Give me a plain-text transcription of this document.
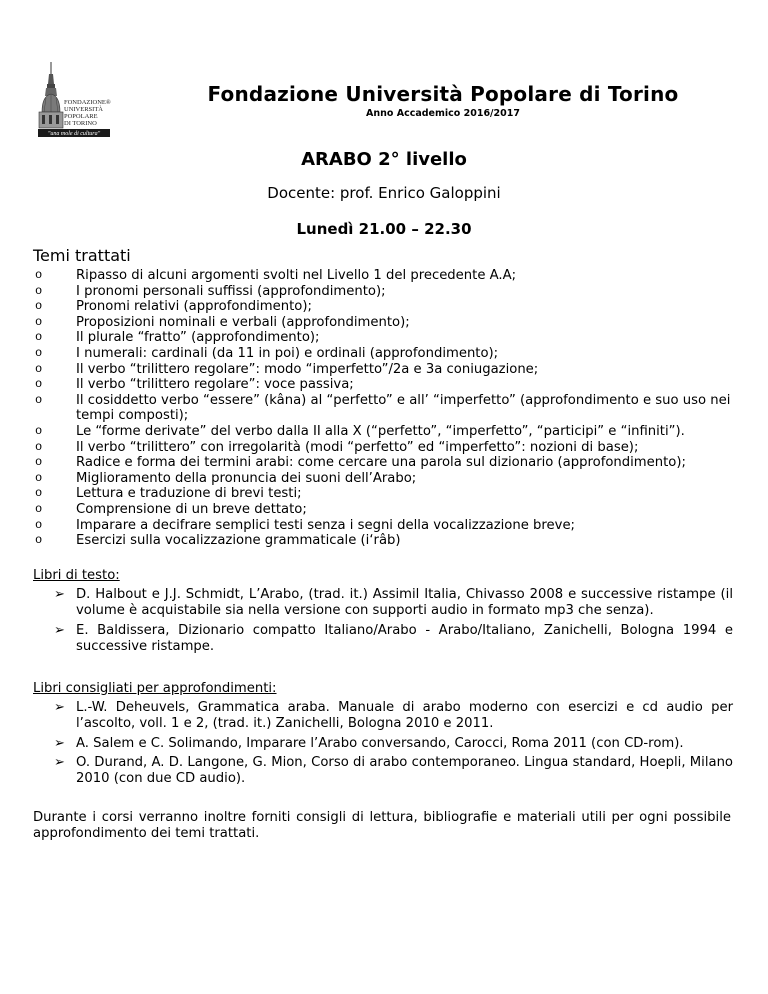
FONDAZIONE®
UNIVERSITÀ
POPOLARE
DI TORINO
"una mole di cultura"
Fondazione Università Popolare di Torino
Anno Accademico 2016/2017
ARABO 2° livello
Docente: prof. Enrico Galoppini
Lunedì 21.00 – 22.30
Temi trattati
o	Ripasso di alcuni argomenti svolti nel Livello 1 del precedente A.A;
o	I pronomi personali suffissi (approfondimento);
o	Pronomi relativi (approfondimento);
o	Proposizioni nominali e verbali (approfondimento);
o	Il plurale “fratto” (approfondimento);
o	I numerali: cardinali (da 11 in poi) e ordinali (approfondimento);
o	Il verbo “trilittero regolare”: modo “imperfetto”/2a e 3a coniugazione;
o	Il verbo “trilittero regolare”: voce passiva;
o	Il cosiddetto verbo “essere” (kâna) al “perfetto” e all’ “imperfetto” (approfondimento e suo uso nei tempi composti);
o	Le “forme derivate” del verbo dalla II alla X (“perfetto”, “imperfetto”, “participi” e “infiniti”).
o	Il verbo “trilittero” con irregolarità (modi “perfetto” ed “imperfetto”: nozioni di base);
o	Radice e forma dei termini arabi: come cercare una parola sul dizionario (approfondimento);
o	Miglioramento della pronuncia dei suoni dell’Arabo;
o	Lettura e traduzione di brevi testi;
o	Comprensione di un breve dettato;
o	Imparare a decifrare semplici testi senza i segni della vocalizzazione breve;
o	Esercizi sulla vocalizzazione grammaticale (i‘râb)
Libri di testo:
➢ D. Halbout e J.J. Schmidt, L’Arabo, (trad. it.) Assimil Italia, Chivasso 2008 e successive ristampe (il volume è acquistabile sia nella versione con supporti audio in formato mp3 che senza).
➢ E. Baldissera, Dizionario compatto Italiano/Arabo - Arabo/Italiano, Zanichelli, Bologna 1994 e successive ristampe.
Libri consigliati per approfondimenti:
➢ L.-W. Deheuvels, Grammatica araba. Manuale di arabo moderno con esercizi e cd audio per l’ascolto, voll. 1 e 2, (trad. it.) Zanichelli, Bologna 2010 e 2011.
➢ A. Salem e C. Solimando, Imparare l’Arabo conversando, Carocci, Roma 2011 (con CD-rom).
➢ O. Durand, A. D. Langone, G. Mion, Corso di arabo contemporaneo. Lingua standard, Hoepli, Milano 2010 (con due CD audio).
Durante i corsi verranno inoltre forniti consigli di lettura, bibliografie e materiali utili per ogni possibile approfondimento dei temi trattati.
